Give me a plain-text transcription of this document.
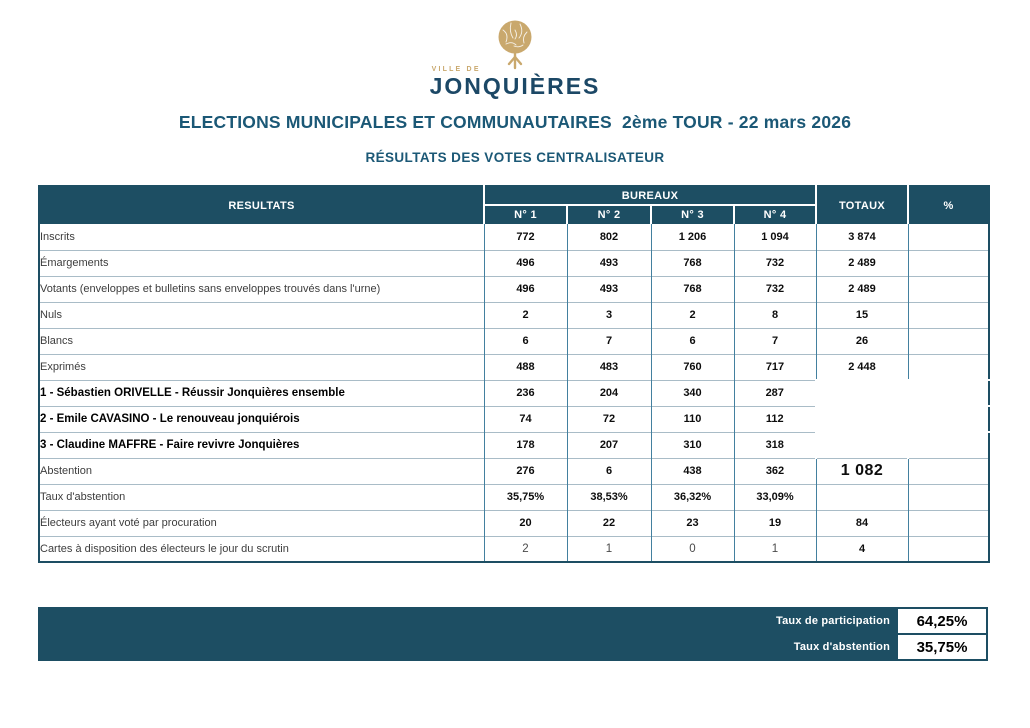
VILLE DE
JONQUIÈRES
ELECTIONS MUNICIPALES ET COMMUNAUTAIRES  2ème TOUR - 22 mars 2026
RÉSULTATS DES VOTES CENTRALISATEUR
RESULTATS	BUREAUX				TOTAUX	%
	N° 1	N° 2	N° 3	N° 4		
Inscrits	772	802	1 206	1 094	3 874	
Émargements	496	493	768	732	2 489	
Votants (enveloppes et bulletins sans enveloppes trouvés dans l'urne)	496	493	768	732	2 489	
Nuls	2	3	2	8	15	
Blancs	6	7	6	7	26	
Exprimés	488	483	760	717	2 448	
1 - Sébastien ORIVELLE - Réussir Jonquières ensemble	236	204	340	287	1 067	43,59%
2 - Emile CAVASINO - Le renouveau jonquiérois	74	72	110	112	368	15,03%
3 - Claudine MAFFRE - Faire revivre Jonquières	178	207	310	318	1 013	41,38%
Abstention	276	6	438	362	1 082	
Taux d'abstention	35,75%	38,53%	36,32%	33,09%		
Électeurs ayant voté par procuration	20	22	23	19	84	
Cartes à disposition des électeurs le jour du scrutin	2	1	0	1	4	
Taux de participation	64,25%
Taux d'abstention	35,75%
